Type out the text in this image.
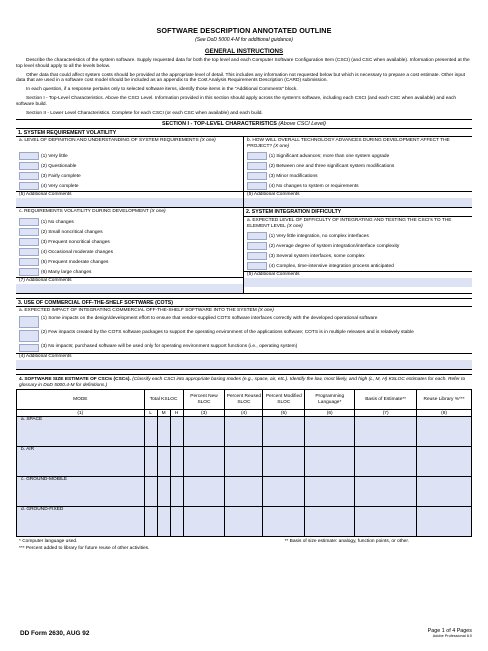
SOFTWARE DESCRIPTION ANNOTATED OUTLINE
(See DoD 5000.4-M for additional guidance)
GENERAL INSTRUCTIONS
Describe the characteristics of the system software. Supply requested data for both the top level and each Computer Software Configuration Item (CSCI) (and CSC when available). Information presented at the top level should apply to all the levels below.
Other data that could affect system costs should be provided at the appropriate level of detail. This includes any information not requested below but which is necessary to prepare a cost estimate. Other input data that are used in a software cost model should be included as an appendix to the Cost Analysis Requirements Description (CARD) submission.
In each question, if a response pertains only to selected software items, identify those items in the "Additional Comments" block.
Section I - Top-Level Characteristics. Above the CSCI Level. Information provided in this section should apply across the system's software, including each CSCI (and each CSC when available) and each software build.
Section II - Lower Level Characteristics. Complete for each CSCI (or each CSC when available) and each build.
SECTION I - TOP-LEVEL CHARACTERISTICS (Above CSCI Level)
1. SYSTEM REQUIREMENT VOLATILITY
a. LEVEL OF DEFINITION AND UNDERSTANDING OF SYSTEM REQUIREMENTS (X one)
(1) Very little
(2) Questionable
(3) Fairly complete
(4) Very complete
(5) Additional Comments
b. HOW WILL OVERALL TECHNOLOGY ADVANCES DURING DEVELOPMENT AFFECT THE PROJECT? (X one)
(1) Significant advances; more than one system upgrade
(2) Between one and three significant system modifications
(3) Minor modifications
(4) No changes to system or requirements
(5) Additional Comments
c. REQUIREMENTS VOLATILITY DURING DEVELOPMENT (X one)
(1) No changes
(2) Small noncritical changes
(3) Frequent noncritical changes
(4) Occasional moderate changes
(5) Frequent moderate changes
(6) Many large changes
(7) Additional Comments
2. SYSTEM INTEGRATION DIFFICULTY
a. EXPECTED LEVEL OF DIFFICULTY OF INTEGRATING AND TESTING THE CSCI's TO THE ELEMENT LEVEL (X one)
(1) Very little integration, no complex interfaces
(2) Average degree of system integration/interface complexity
(3) Several system interfaces, some complex
(4) Complex, time-intensive integration process anticipated
(5) Additional Comments
3. USE OF COMMERCIAL OFF-THE-SHELF SOFTWARE (COTS)
a. EXPECTED IMPACT OF INTEGRATING COMMERCIAL OFF-THE-SHELF SOFTWARE INTO THE SYSTEM (X one)
(1) Some impacts on the design/development effort to ensure that vendor-supplied COTS software interfaces correctly with the developed operational software
(2) Few impacts created by the COTS software packages to support the operating environment of the applications software; COTS is in multiple releases and is relatively stable
(3) No impacts; purchased software will be used only for operating environment support functions (i.e., operating system)
(4) Additional Comments
4. SOFTWARE SIZE ESTIMATE OF CSCIs (CSCs). (Classify each CSCI into appropriate basing modes (e.g., space, air, etc.). Identify the low, most likely, and high (L, M, H) KSLOC estimates for each. Refer to glossary in DoD 5000.4-M for definitions.)
MODE	Total KSLOC			Percent New SLOC	Percent Reused SLOC	Percent Modified SLOC	Programming Language*	Basis of Estimate**	Reuse Library %***

(1)	L	M	H	(3)	(4)	(5)	(6)	(7)	(8)
a. SPACE									
b. AIR									
c. GROUND-MOBILE									
d. GROUND-FIXED									
* Computer language used.	** Basis of size estimate: analogy, function points, or other.
*** Percent added to library for future reuse of other activities.
DD Form 2630, AUG 92	Page 1 of 4 Pages
Adobe Professional 8.0
